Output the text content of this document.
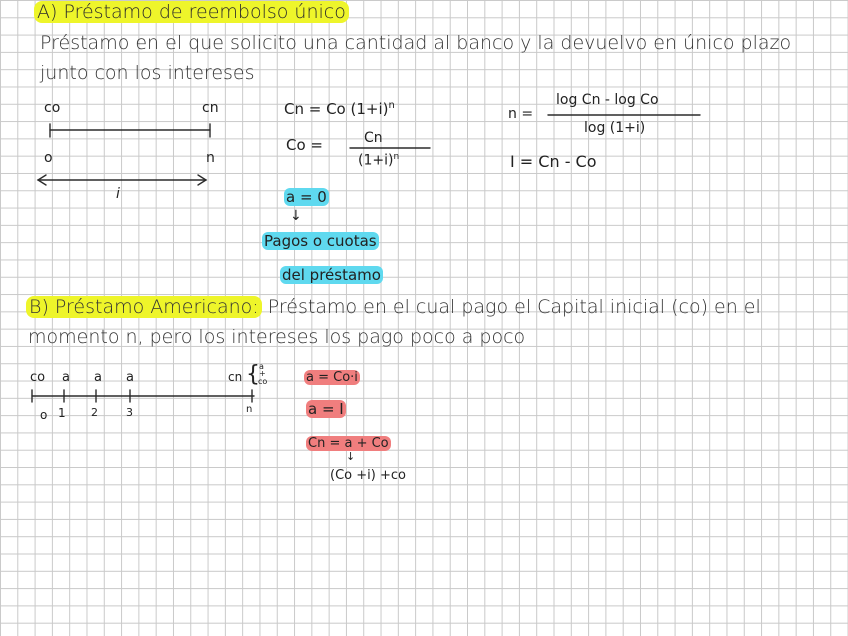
A) Préstamo de reembolso único
Préstamo en el que solicito una cantidad al banco y la devuelvo en único plazo
junto con los intereses
co	cn
o	n
i
Cn = Co $(1+i)^n$
Co =	Cn
$(1+i)^n$
n =
log Cn - log Co
log (1+i)
I = Cn - Co
a = 0
↓
Pagos o cuotas
del préstamo
B) Préstamo Americano: Préstamo en el cual pago el Capital inicial (co) en el
momento n, pero los intereses los pago poco a poco
co a a a	cn { a
+
co
o 1 2	3	n
a = Co·i
a = I
Cn = a + Co
↓
(Co +i) +co
